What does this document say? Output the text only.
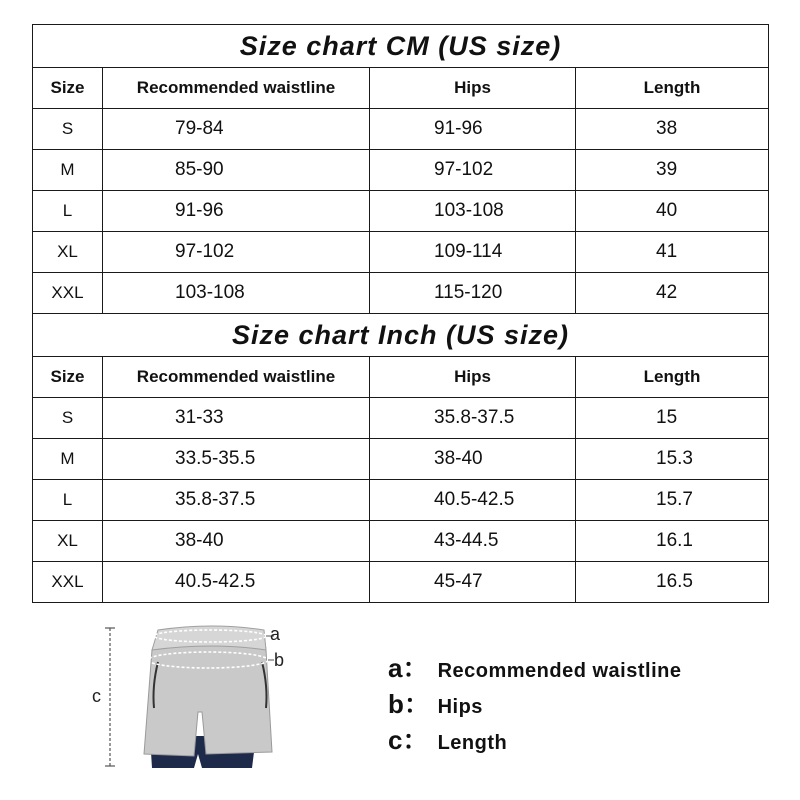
Size chart CM (US size)			
Size	Recommended waistline	Hips	Length
S	79-84	91-96	38
M	85-90	97-102	39
L	91-96	103-108	40
XL	97-102	109-114	41
XXL	103-108	115-120	42
Size chart Inch (US size)			
Size	Recommended waistline	Hips	Length
S	31-33	35.8-37.5	15
M	33.5-35.5	38-40	15.3
L	35.8-37.5	40.5-42.5	15.7
XL	38-40	43-44.5	16.1
XXL	40.5-42.5	45-47	16.5
a
b
c
a： Recommended waistline
b： Hips
c： Length
